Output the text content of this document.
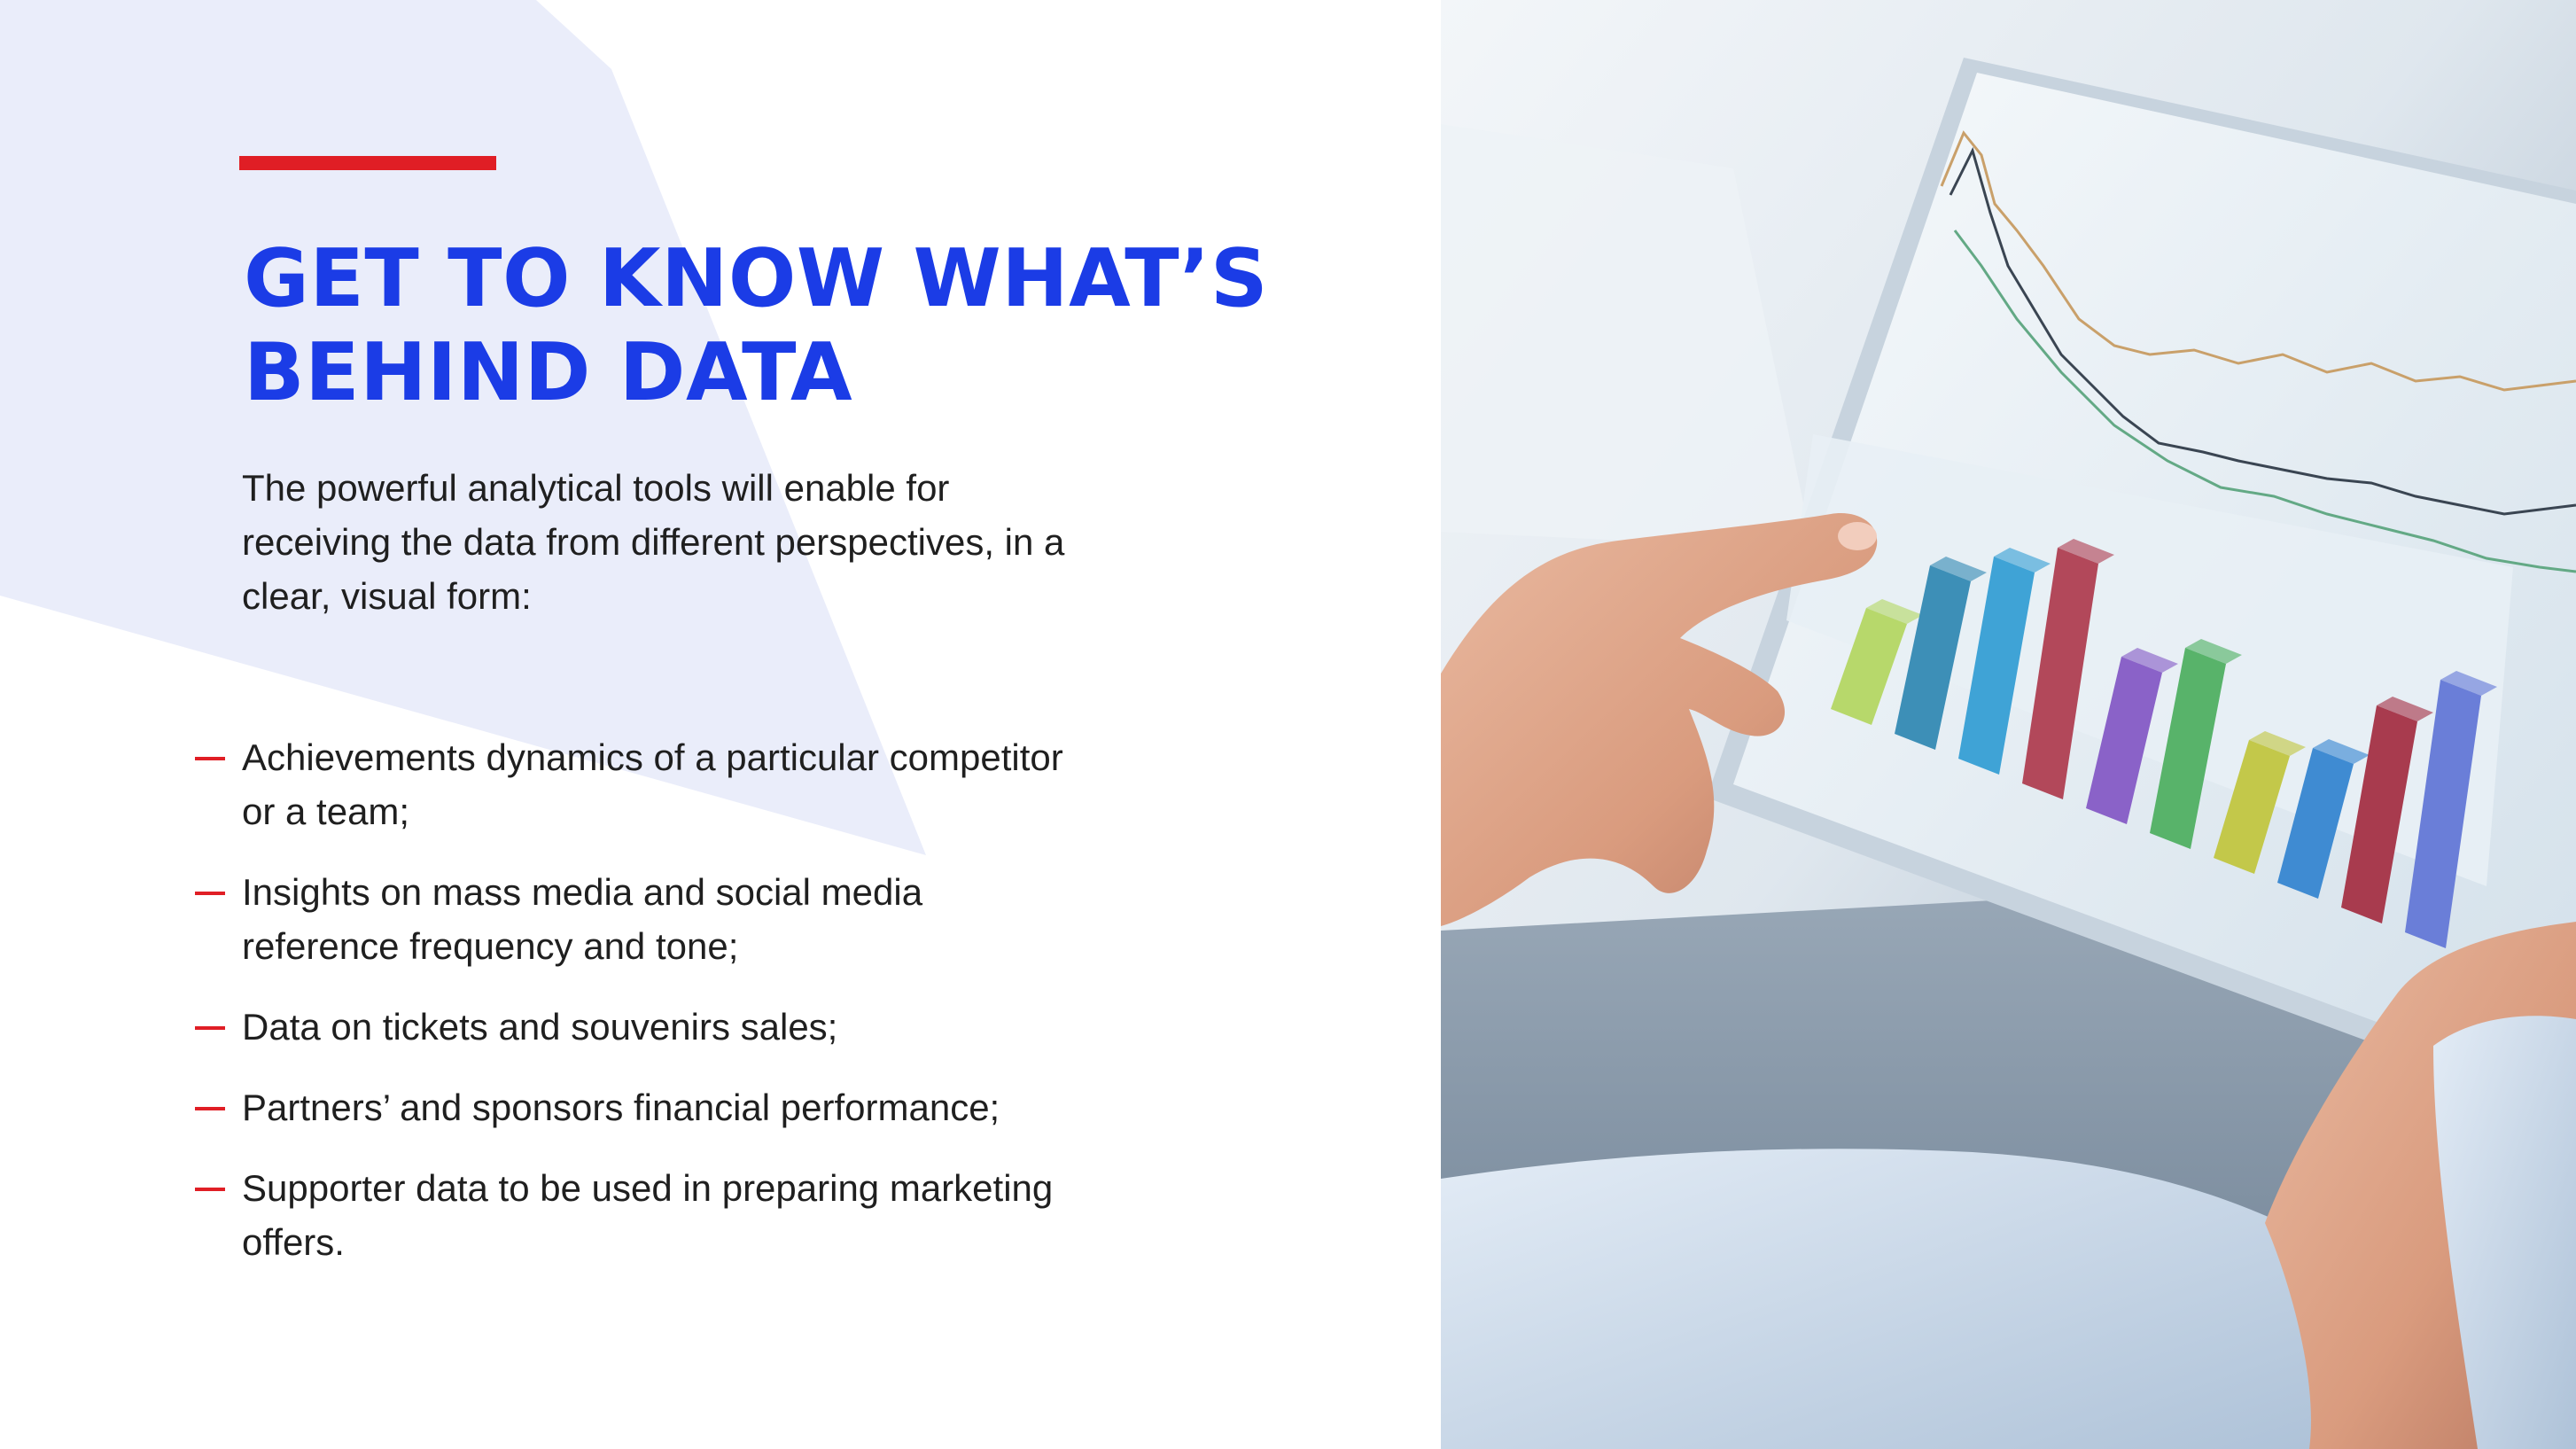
GET TO KNOW WHAT’S
BEHIND DATA

The powerful analytical tools will enable for receiving the data from different perspectives, in a clear, visual form:

Achievements dynamics of a particular competitor or a team;
Insights on mass media and social media reference frequency and tone;
Data on tickets and souvenirs sales;
Partners’ and sponsors financial performance;
Supporter data to be used in preparing marketing offers.
